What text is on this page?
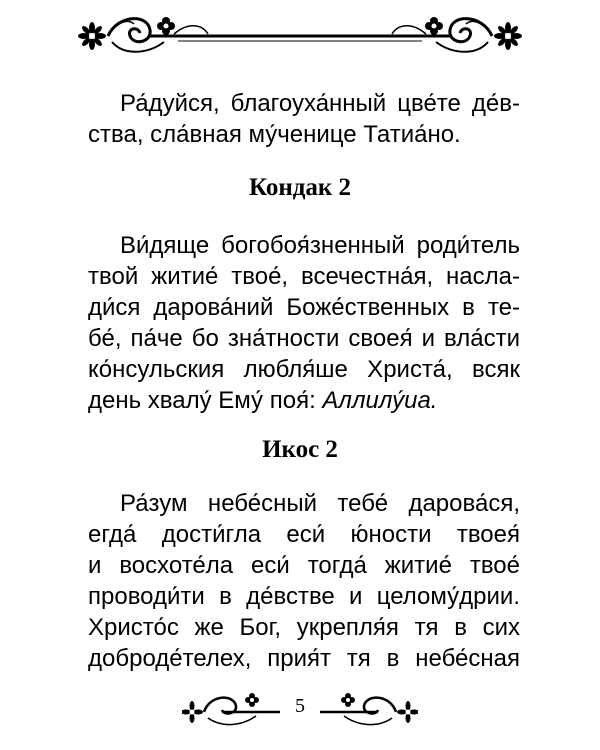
Ра́дуйся, благоуха́нный цве́те де́в-
ства, сла́вная му́ченице Татиа́но.
Кондак 2
Ви́дяще богобоя́зненный роди́тель
твой житие́ твое́, всечестна́я, насла-
ди́ся дарова́ний Боже́ственных в те-
бе́, па́че бо зна́тности своея́ и вла́сти
ко́нсульския любля́ше Христа́, всяк
день хвалу́ Ему́ поя́: Аллилу́иа.
Икос 2
Ра́зум небе́сный тебе́ дарова́ся,
егда́ дости́гла еси́ ю́ности твоея́
и восхоте́ла еси́ тогда́ житие́ твое́
проводи́ти в де́встве и целому́дрии.
Христо́с же Бог, укрепля́я тя в сих
доброде́телех, прия́т тя в небе́сная
5
